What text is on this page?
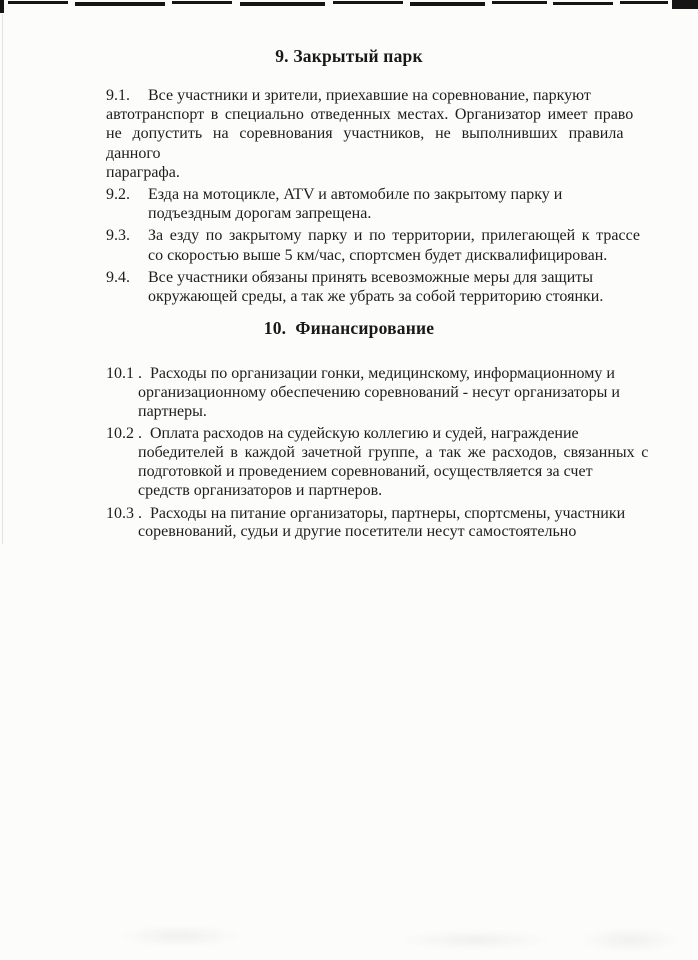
9. Закрытый парк
9.1. Все участники и зрители, приехавшие на соревнование, паркуют
автотранспорт в специально отведенных местах. Организатор имеет право
не допустить на соревнования участников, не выполнивших правила
данного
параграфа.
9.2. Езда на мотоцикле, ATV и автомобиле по закрытому парку и
подъездным дорогам запрещена.
9.3. За езду по закрытому парку и по территории, прилегающей к трассе
со скоростью выше 5 км/час, спортсмен будет дисквалифицирован.
9.4. Все участники обязаны принять всевозможные меры для защиты
окружающей среды, а так же убрать за собой территорию стоянки.
10.  Финансирование
10.1 . Расходы по организации гонки, медицинскому, информационному и
организационному обеспечению соревнований - несут организаторы и
партнеры.
10.2 . Оплата расходов на судейскую коллегию и судей, награждение
победителей в каждой зачетной группе, а так же расходов, связанных с
подготовкой и проведением соревнований, осуществляется за счет
средств организаторов и партнеров.
10.3 . Расходы на питание организаторы, партнеры, спортсмены, участники
соревнований, судьи и другие посетители несут самостоятельно
